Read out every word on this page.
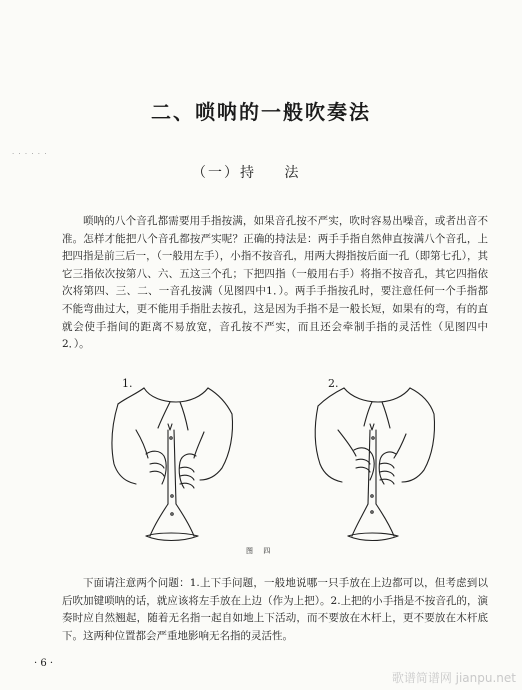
· · · · · ·
二、唢呐的一般吹奏法
（一）持 法

唢呐的八个音孔都需要用手指按满，如果音孔按不严实，吹时容易出噪音，或者出音不准。怎样才能把八个音孔都按严实呢？正确的持法是：两手手指自然伸直按满八个音孔，上把四指是前三后一，（一般用左手），小指不按音孔，用两大拇指按后面一孔（即第七孔），其它三指依次按第八、六、五这三个孔；下把四指（一般用右手）将指不按音孔，其它四指依次将第四、三、二、一音孔按满（见图四中1．）。两手手指按孔时，要注意任何一个手指都不能弯曲过大，更不能用手指肚去按孔，这是因为手指不是一般长短，如果有的弯，有的直就会使手指间的距离不易放宽，音孔按不严实，而且还会牵制手指的灵活性（见图四中2．）。

1.	2.
图 四

下面请注意两个问题：1.上下手问题，一般地说哪一只手放在上边都可以，但考虑到以后吹加键唢呐的话，就应该将左手放在上边（作为上把）。2.上把的小手指是不按音孔的，演奏时应自然翘起，随着无名指一起自如地上下活动，而不要放在木杆上，更不要放在木杆底下。这两种位置都会严重地影响无名指的灵活性。

· 6 ·
歌谱简谱网 jianpu.net
